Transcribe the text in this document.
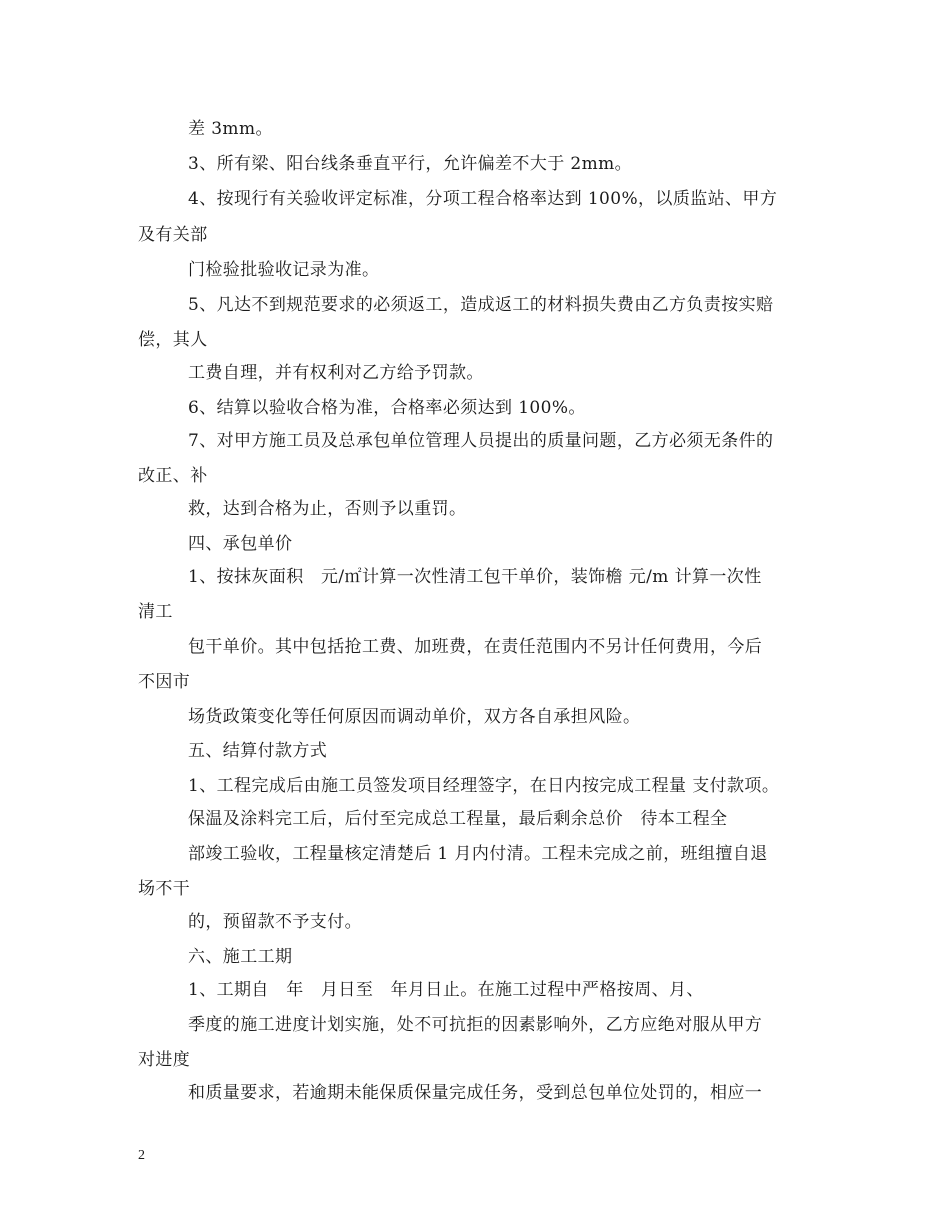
差 3mm。
3、所有梁、阳台线条垂直平行，允许偏差不大于 2mm。
4、按现行有关验收评定标准，分项工程合格率达到 100%，以质监站、甲方
及有关部
门检验批验收记录为准。
5、凡达不到规范要求的必须返工，造成返工的材料损失费由乙方负责按实赔
偿，其人
工费自理，并有权利对乙方给予罚款。
6、结算以验收合格为准，合格率必须达到 100%。
7、对甲方施工员及总承包单位管理人员提出的质量问题，乙方必须无条件的
改正、补
救，达到合格为止，否则予以重罚。
四、承包单价
1、按抹灰面积　元/㎡计算一次性清工包干单价，装饰檐 元/m 计算一次性
清工
包干单价。其中包括抢工费、加班费，在责任范围内不另计任何费用，今后
不因市
场货政策变化等任何原因而调动单价，双方各自承担风险。
五、结算付款方式
1、工程完成后由施工员签发项目经理签字，在日内按完成工程量 支付款项。
保温及涂料完工后，后付至完成总工程量，最后剩余总价　待本工程全
部竣工验收，工程量核定清楚后 1 月内付清。工程未完成之前，班组擅自退
场不干
的，预留款不予支付。
六、施工工期
1、工期自　年　月日至　年月日止。在施工过程中严格按周、月、
季度的施工进度计划实施，处不可抗拒的因素影响外，乙方应绝对服从甲方
对进度
和质量要求，若逾期未能保质保量完成任务，受到总包单位处罚的，相应一
2
